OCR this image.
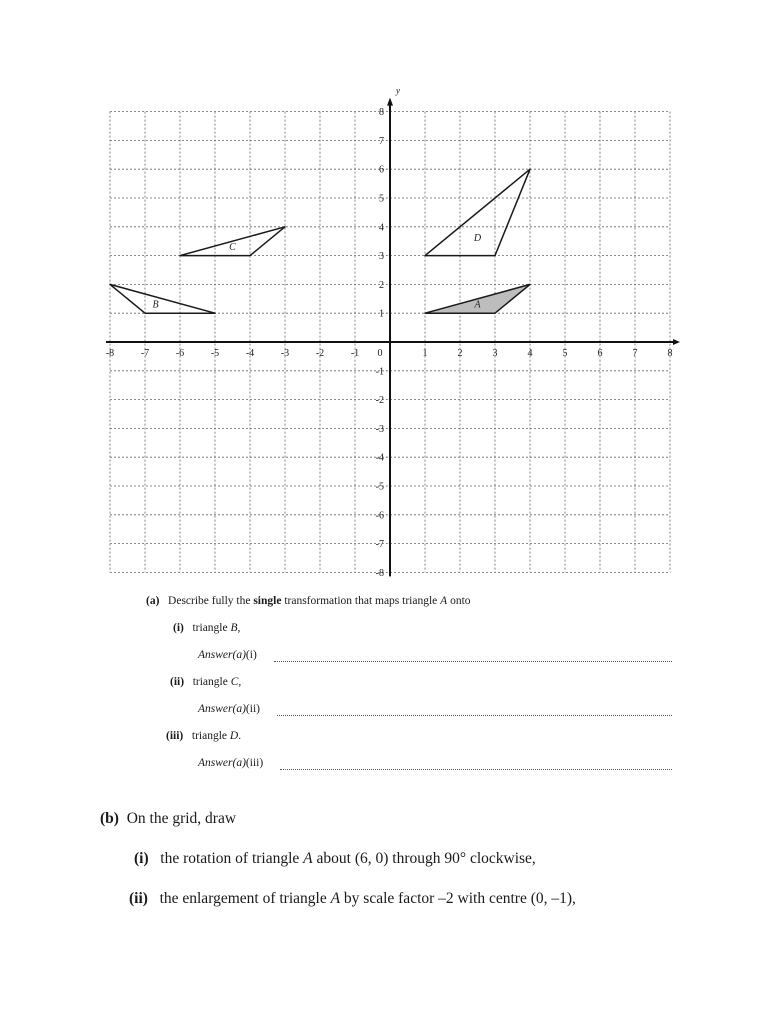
y
-8	-7	-6	-5	-4	-3	-2	-1 0	1	2	3	4	5	6	7	8
-8
-7
-6
-5
-4
-3
-2
-1
1
2
3
4
5
6
7
8
A
B
C
D
(a) Describe fully the single transformation that maps triangle A onto
(i) triangle B,
Answer(a)(i)
(ii) triangle C,
Answer(a)(ii)
(iii) triangle D.
Answer(a)(iii)
(b) On the grid, draw
(i) the rotation of triangle A about (6, 0) through 90° clockwise,
(ii) the enlargement of triangle A by scale factor –2 with centre (0, –1),
